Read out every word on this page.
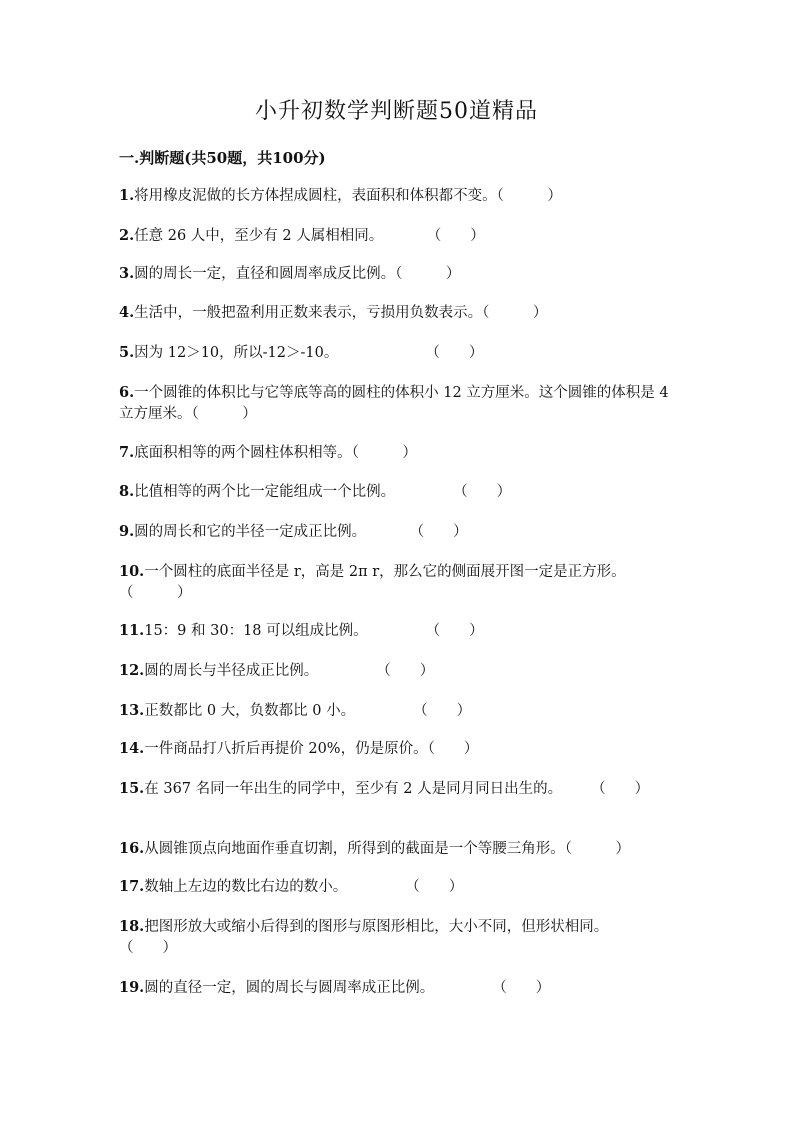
小升初数学判断题50道精品
一.判断题(共50题，共100分)
1.将用橡皮泥做的长方体捏成圆柱，表面积和体积都不变。（　　　）
2.任意 26 人中，至少有 2 人属相相同。　　　　（　　）
3.圆的周长一定，直径和圆周率成反比例。（　　　）
4.生活中，一般把盈利用正数来表示，亏损用负数表示。（　　　）
5.因为 12＞10，所以-12＞-10。　　　　　　　（　　）
6.一个圆锥的体积比与它等底等高的圆柱的体积小 12 立方厘米。这个圆锥的体积是 4 立方厘米。（　　　）
7.底面积相等的两个圆柱体积相等。（　　　）
8.比值相等的两个比一定能组成一个比例。　　　　　（　　）
9.圆的周长和它的半径一定成正比例。　　　　（　　）
10.一个圆柱的底面半径是 r，高是 2π r，那么它的侧面展开图一定是正方形。（　　　）
11.15：9 和 30：18 可以组成比例。　　　　　（　　）
12.圆的周长与半径成正比例。　　　　　（　　）
13.正数都比 0 大，负数都比 0 小。　　　　　（　　）
14.一件商品打八折后再提价 20%，仍是原价。（　　）
15.在 367 名同一年出生的同学中，至少有 2 人是同月同日出生的。　　　（　　）
16.从圆锥顶点向地面作垂直切割，所得到的截面是一个等腰三角形。（　　　）
17.数轴上左边的数比右边的数小。　　　　　（　　）
18.把图形放大或缩小后得到的图形与原图形相比，大小不同，但形状相同。　　　（　　）
19.圆的直径一定，圆的周长与圆周率成正比例。　　　　　（　　）
